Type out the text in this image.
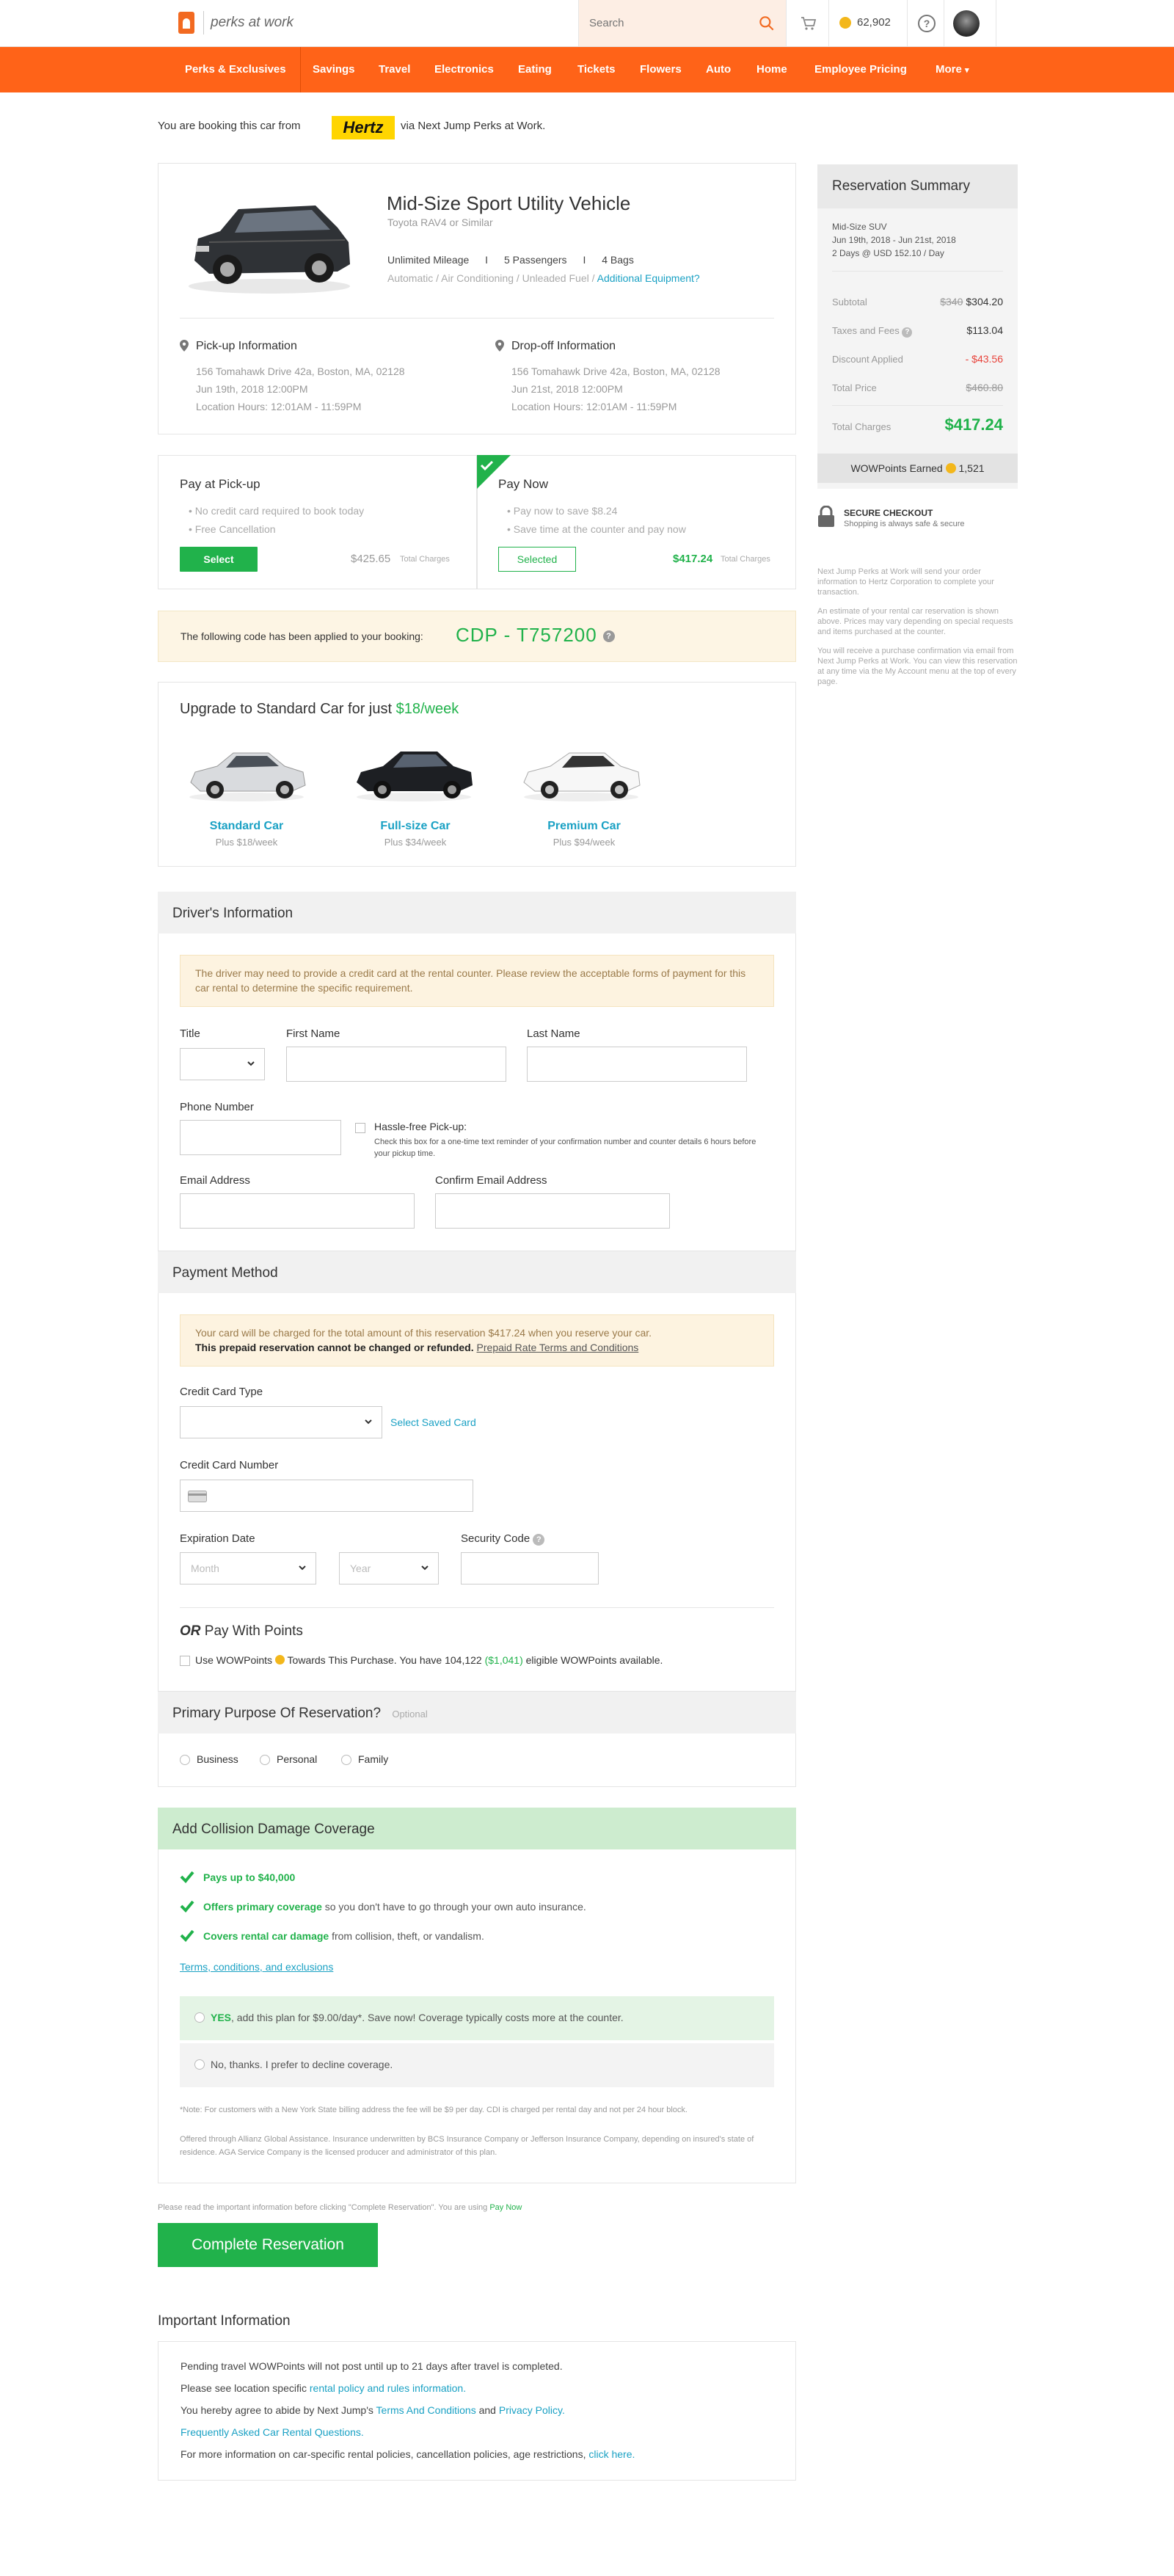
perks at work
Search	62,902	?
Perks & Exclusives Savings Travel Electronics Eating Tickets Flowers Auto Home Employee Pricing	More ▾
You are booking this car from	Hertz	via Next Jump Perks at Work.
Mid-Size Sport Utility Vehicle
Toyota RAV4 or Similar
Unlimited Mileage I 5 Passengers I 4 Bags
Automatic / Air Conditioning / Unleaded Fuel / Additional Equipment?
Pick-up Information
156 Tomahawk Drive 42a, Boston, MA, 02128
Jun 19th, 2018 12:00PM
Location Hours: 12:01AM - 11:59PM
Drop-off Information
156 Tomahawk Drive 42a, Boston, MA, 02128
Jun 21st, 2018 12:00PM
Location Hours: 12:01AM - 11:59PM
Pay at Pick-up
• No credit card required to book today
• Free Cancellation
Select	$425.65 Total Charges
Pay Now
• Pay now to save $8.24
• Save time at the counter and pay now
Selected	$417.24 Total Charges
The following code has been applied to your booking: CDP - T757200 ?
Upgrade to Standard Car for just $18/week
Standard Car
Plus $18/week
Full-size Car
Plus $34/week
Premium Car
Plus $94/week
Driver's Information
The driver may need to provide a credit card at the rental counter. Please review the acceptable forms of payment for this car rental to determine the specific requirement.
Title	First Name	Last Name
Phone Number
Hassle-free Pick-up:
Check this box for a one-time text reminder of your confirmation number and counter details 6 hours before your pickup time.
Email Address	Confirm Email Address
Payment Method
Your card will be charged for the total amount of this reservation $417.24 when you reserve your car.
This prepaid reservation cannot be changed or refunded. Prepaid Rate Terms and Conditions
Credit Card Type
Select Saved Card
Credit Card Number
Expiration Date
Month	Year
Security Code ?
OR Pay With Points
Use WOWPoints Towards This Purchase. You have 104,122 ($1,041) eligible WOWPoints available.
Primary Purpose Of Reservation? Optional
Business	Personal	Family
Add Collision Damage Coverage
Pays up to $40,000
Offers primary coverage so you don't have to go through your own auto insurance.
Covers rental car damage from collision, theft, or vandalism.
Terms, conditions, and exclusions
YES, add this plan for $9.00/day*. Save now! Coverage typically costs more at the counter.
No, thanks. I prefer to decline coverage.
*Note: For customers with a New York State billing address the fee will be $9 per day. CDI is charged per rental day and not per 24 hour block.
Offered through Allianz Global Assistance. Insurance underwritten by BCS Insurance Company or Jefferson Insurance Company, depending on insured's state of residence. AGA Service Company is the licensed producer and administrator of this plan.
Please read the important information before clicking "Complete Reservation". You are using Pay Now
Complete Reservation
Important Information
Pending travel WOWPoints will not post until up to 21 days after travel is completed.
Please see location specific rental policy and rules information.
You hereby agree to abide by Next Jump's Terms And Conditions and Privacy Policy.
Frequently Asked Car Rental Questions.
For more information on car-specific rental policies, cancellation policies, age restrictions, click here.
Reservation Summary
Mid-Size SUV
Jun 19th, 2018 - Jun 21st, 2018
2 Days @ USD 152.10 / Day
Subtotal	$340 $304.20
Taxes and Fees ?	$113.04
Discount Applied	- $43.56
Total Price	$460.80
Total Charges	$417.24
WOWPoints Earned 1,521
SECURE CHECKOUT
Shopping is always safe & secure
Next Jump Perks at Work will send your order information to Hertz Corporation to complete your transaction.
An estimate of your rental car reservation is shown above. Prices may vary depending on special requests and items purchased at the counter.
You will receive a purchase confirmation via email from Next Jump Perks at Work. You can view this reservation at any time via the My Account menu at the top of every page.
